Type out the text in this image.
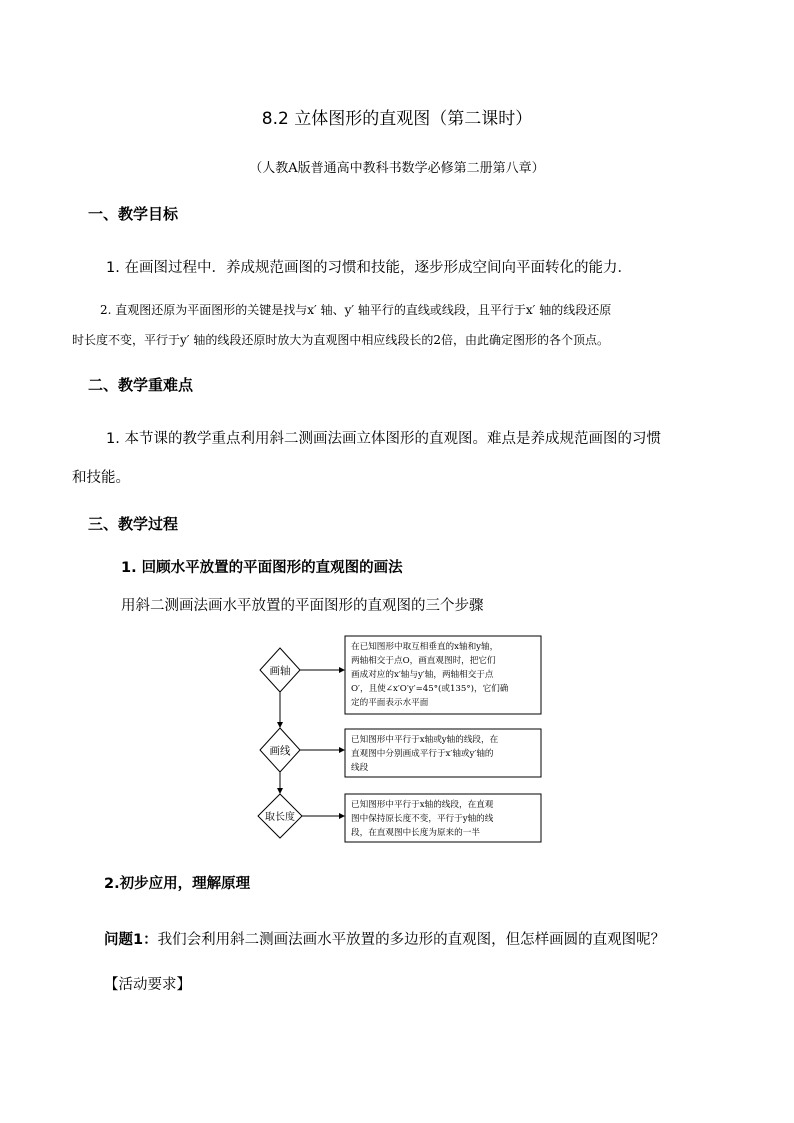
8.2 立体图形的直观图（第二课时）
（人教A版普通高中教科书数学必修第二册第八章）
一、教学目标
1. 在画图过程中．养成规范画图的习惯和技能，逐步形成空间向平面转化的能力．
2. 直观图还原为平面图形的关键是找与x′ 轴、y′ 轴平行的直线或线段，且平行于x′ 轴的线段还原
时长度不变，平行于y′ 轴的线段还原时放大为直观图中相应线段长的2倍，由此确定图形的各个顶点。
二、教学重难点
1. 本节课的教学重点利用斜二测画法画立体图形的直观图。难点是养成规范画图的习惯
和技能。
三、教学过程
1. 回顾水平放置的平面图形的直观图的画法
用斜二测画法画水平放置的平面图形的直观图的三个步骤
画轴
画线
取长度
在已知图形中取互相垂直的x轴和y轴，
两轴相交于点O，画直观图时，把它们
画成对应的x′轴与y′轴，两轴相交于点
O′，且使∠x′O′y′=45°(或135°)，它们确
定的平面表示水平面
已知图形中平行于x轴或y轴的线段，在
直观图中分别画成平行于x′轴或y′轴的
线段
已知图形中平行于x轴的线段，在直观
图中保持原长度不变，平行于y轴的线
段，在直观图中长度为原来的一半
2.初步应用，理解原理
问题1：我们会利用斜二测画法画水平放置的多边形的直观图，但怎样画圆的直观图呢？
【活动要求】
